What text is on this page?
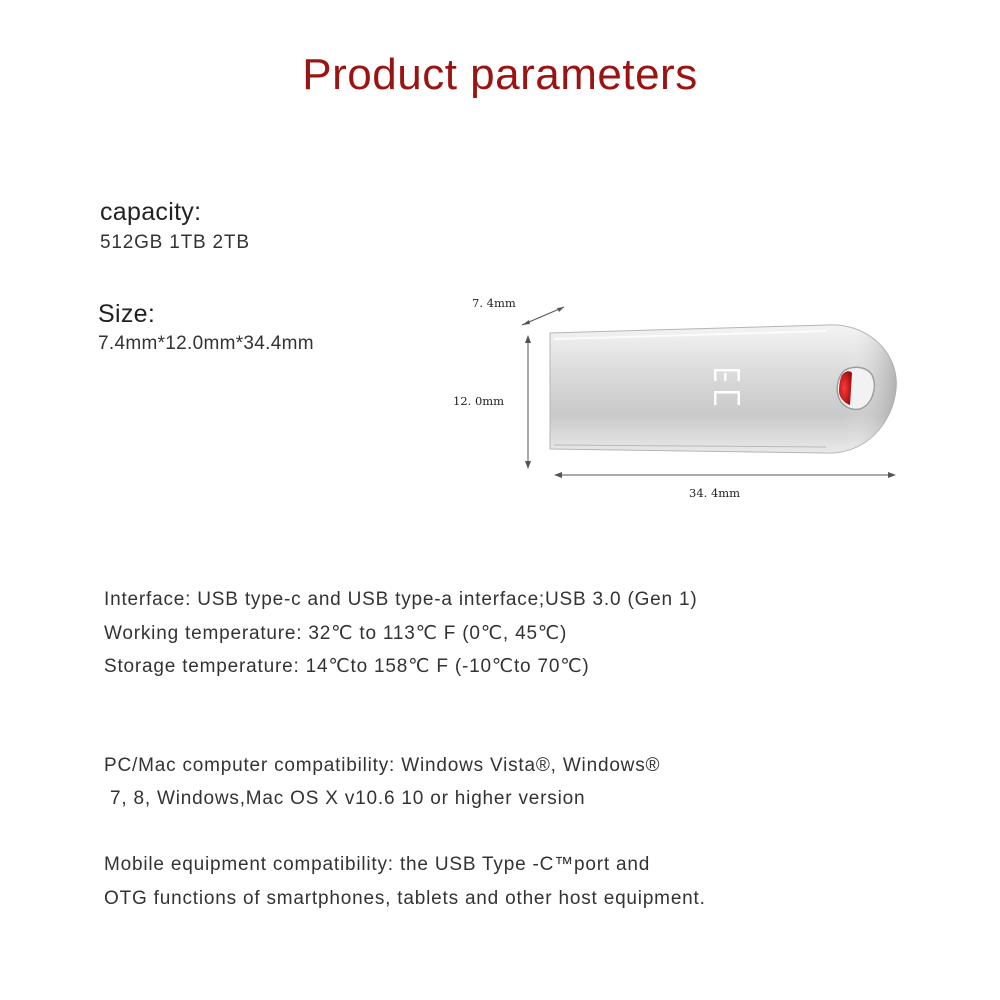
Product parameters
capacity:
512GB 1TB 2TB
Size:
7.4mm*12.0mm*34.4mm
7. 4mm
12. 0mm
34. 4mm
Interface: USB type-c and USB type-a interface;USB 3.0 (Gen 1)
Working temperature: 32℃ to 113℃ F (0℃, 45℃)
Storage temperature: 14℃to 158℃ F (-10℃to 70℃)
PC/Mac computer compatibility: Windows Vista®, Windows®
7, 8, Windows,Mac OS X v10.6 10 or higher version
Mobile equipment compatibility: the USB Type -C™port and
OTG functions of smartphones, tablets and other host equipment.
